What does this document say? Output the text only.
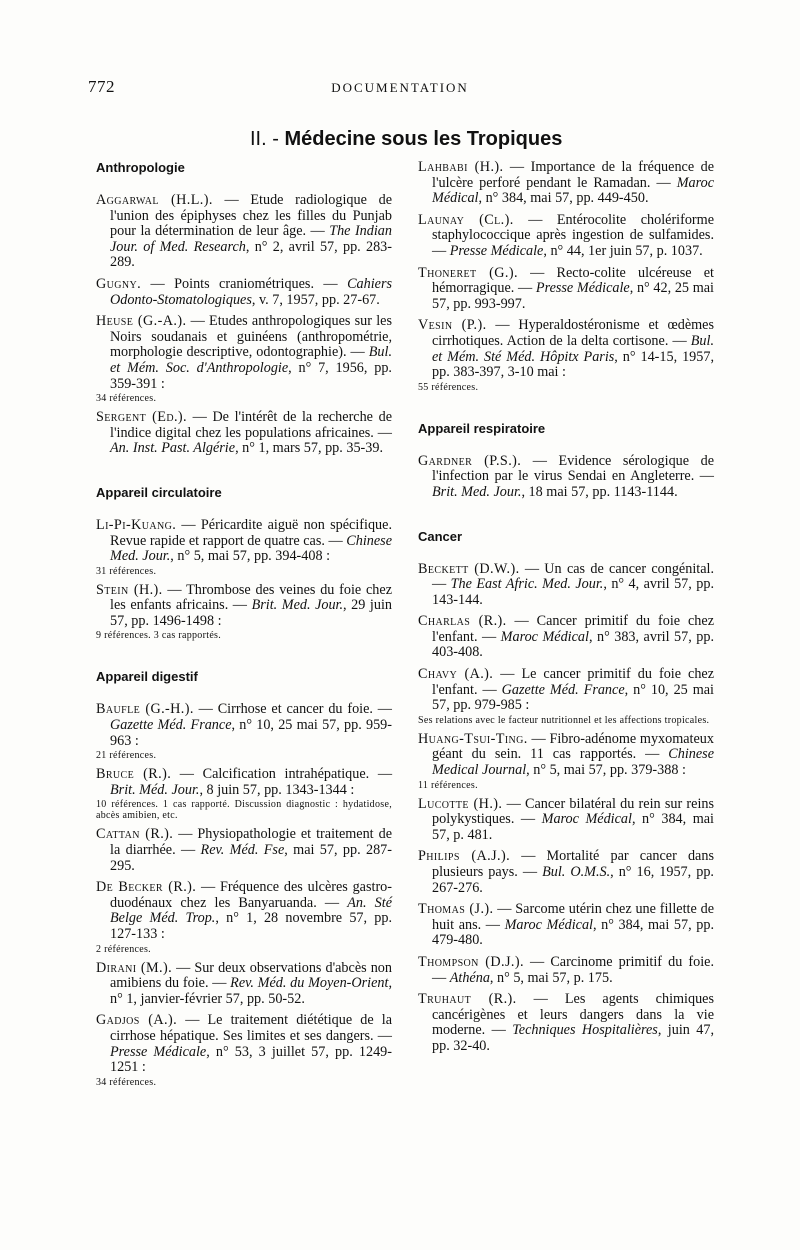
772	DOCUMENTATION
II. - Médecine sous les Tropiques
Anthropologie

Aggarwal (H.L.). — Etude radiologique de l'union des épiphyses chez les filles du Punjab pour la détermination de leur âge. — The Indian Jour. of Med. Research, n° 2, avril 57, pp. 283-289.

Gugny. — Points craniométriques. — Cahiers Odonto-Stomatologiques, v. 7, 1957, pp. 27-67.

Heuse (G.-A.). — Etudes anthropologiques sur les Noirs soudanais et guinéens (anthropométrie, morphologie descriptive, odontographie). — Bul. et Mém. Soc. d'Anthropologie, n° 7, 1956, pp. 359-391 :
34 références.

Sergent (Ed.). — De l'intérêt de la recherche de l'indice digital chez les populations africaines. — An. Inst. Past. Algérie, n° 1, mars 57, pp. 35-39.

Appareil circulatoire

Li-Pi-Kuang. — Péricardite aiguë non spécifique. Revue rapide et rapport de quatre cas. — Chinese Med. Jour., n° 5, mai 57, pp. 394-408 :
31 références.

Stein (H.). — Thrombose des veines du foie chez les enfants africains. — Brit. Med. Jour., 29 juin 57, pp. 1496-1498 :
9 références. 3 cas rapportés.

Appareil digestif

Baufle (G.-H.). — Cirrhose et cancer du foie. — Gazette Méd. France, n° 10, 25 mai 57, pp. 959-963 :
21 références.

Bruce (R.). — Calcification intrahépatique. — Brit. Méd. Jour., 8 juin 57, pp. 1343-1344 :
10 références. 1 cas rapporté. Discussion diagnostic : hydatidose, abcès amibien, etc.

Cattan (R.). — Physiopathologie et traitement de la diarrhée. — Rev. Méd. Fse, mai 57, pp. 287-295.

De Becker (R.). — Fréquence des ulcères gastro-duodénaux chez les Banyaruanda. — An. Sté Belge Méd. Trop., n° 1, 28 novembre 57, pp. 127-133 :
2 références.

Dirani (M.). — Sur deux observations d'abcès non amibiens du foie. — Rev. Méd. du Moyen-Orient, n° 1, janvier-février 57, pp. 50-52.

Gadjos (A.). — Le traitement diététique de la cirrhose hépatique. Ses limites et ses dangers. — Presse Médicale, n° 53, 3 juillet 57, pp. 1249-1251 :
34 références.

Lahbabi (H.). — Importance de la fréquence de l'ulcère perforé pendant le Ramadan. — Maroc Médical, n° 384, mai 57, pp. 449-450.

Launay (Cl.). — Entérocolite cholériforme staphylococcique après ingestion de sulfamides. — Presse Médicale, n° 44, 1er juin 57, p. 1037.

Thoneret (G.). — Recto-colite ulcéreuse et hémorragique. — Presse Médicale, n° 42, 25 mai 57, pp. 993-997.

Vesin (P.). — Hyperaldostéronisme et œdèmes cirrhotiques. Action de la delta cortisone. — Bul. et Mém. Sté Méd. Hôpitx Paris, n° 14-15, 1957, pp. 383-397, 3-10 mai :
55 références.

Appareil respiratoire

Gardner (P.S.). — Evidence sérologique de l'infection par le virus Sendai en Angleterre. — Brit. Med. Jour., 18 mai 57, pp. 1143-1144.

Cancer

Beckett (D.W.). — Un cas de cancer congénital. — The East Afric. Med. Jour., n° 4, avril 57, pp. 143-144.

Charlas (R.). — Cancer primitif du foie chez l'enfant. — Maroc Médical, n° 383, avril 57, pp. 403-408.

Chavy (A.). — Le cancer primitif du foie chez l'enfant. — Gazette Méd. France, n° 10, 25 mai 57, pp. 979-985 :
Ses relations avec le facteur nutritionnel et les affections tropicales.

Huang-Tsui-Ting. — Fibro-adénome myxomateux géant du sein. 11 cas rapportés. — Chinese Medical Journal, n° 5, mai 57, pp. 379-388 :
11 références.

Lucotte (H.). — Cancer bilatéral du rein sur reins polykystiques. — Maroc Médical, n° 384, mai 57, p. 481.

Philips (A.J.). — Mortalité par cancer dans plusieurs pays. — Bul. O.M.S., n° 16, 1957, pp. 267-276.

Thomas (J.). — Sarcome utérin chez une fillette de huit ans. — Maroc Médical, n° 384, mai 57, pp. 479-480.

Thompson (D.J.). — Carcinome primitif du foie. — Athéna, n° 5, mai 57, p. 175.

Truhaut (R.). — Les agents chimiques cancérigènes et leurs dangers dans la vie moderne. — Techniques Hospitalières, juin 47, pp. 32-40.
